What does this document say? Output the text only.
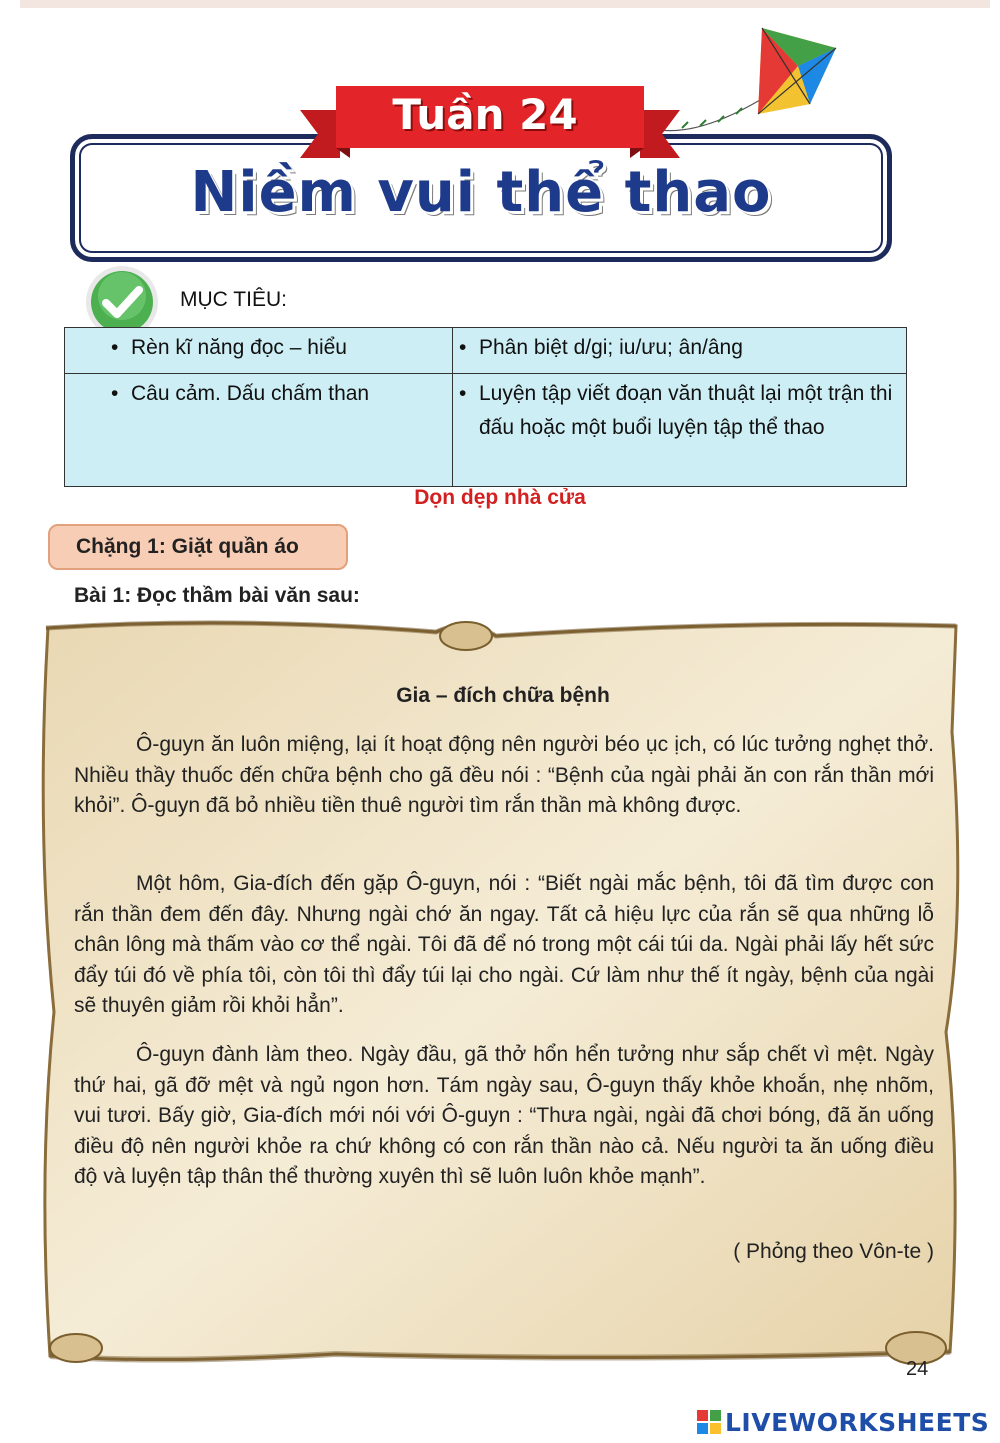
Tuần 24
Niềm vui thể thao
MỤC TIÊU:
• Rèn kĩ năng đọc – hiểu	• Phân biệt d/gi; iu/ưu; ân/âng
• Câu cảm. Dấu chấm than	• Luyện tập viết đoạn văn thuật lại một trận thi đấu hoặc một buổi luyện tập thể thao
Dọn dẹp nhà cửa
Chặng 1: Giặt quần áo
Bài 1: Đọc thầm bài văn sau:
Gia – đích chữa bệnh

Ô-guyn ăn luôn miệng, lại ít hoạt động nên người béo ục ịch, có lúc tưởng nghẹt thở. Nhiều thầy thuốc đến chữa bệnh cho gã đều nói : “Bệnh của ngài phải ăn con rắn thần mới khỏi”. Ô-guyn đã bỏ nhiều tiền thuê người tìm rắn thần mà không được.

Một hôm, Gia-đích đến gặp Ô-guyn, nói : “Biết ngài mắc bệnh, tôi đã tìm được con rắn thần đem đến đây. Nhưng ngài chớ ăn ngay. Tất cả hiệu lực của rắn sẽ qua những lỗ chân lông mà thấm vào cơ thể ngài. Tôi đã để nó trong một cái túi da. Ngài phải lấy hết sức đẩy túi đó về phía tôi, còn tôi thì đẩy túi lại cho ngài. Cứ làm như thế ít ngày, bệnh của ngài sẽ thuyên giảm rồi khỏi hẳn”.

Ô-guyn đành làm theo. Ngày đầu, gã thở hổn hển tưởng như sắp chết vì mệt. Ngày thứ hai, gã đỡ mệt và ngủ ngon hơn. Tám ngày sau, Ô-guyn thấy khỏe khoắn, nhẹ nhõm, vui tươi. Bấy giờ, Gia-đích mới nói với Ô-guyn : “Thưa ngài, ngài đã chơi bóng, đã ăn uống điều độ nên người khỏe ra chứ không có con rắn thần nào cả. Nếu người ta ăn uống điều độ và luyện tập thân thể thường xuyên thì sẽ luôn luôn khỏe mạnh”.

( Phỏng theo Vôn-te )
24
LIVEWORKSHEETS
